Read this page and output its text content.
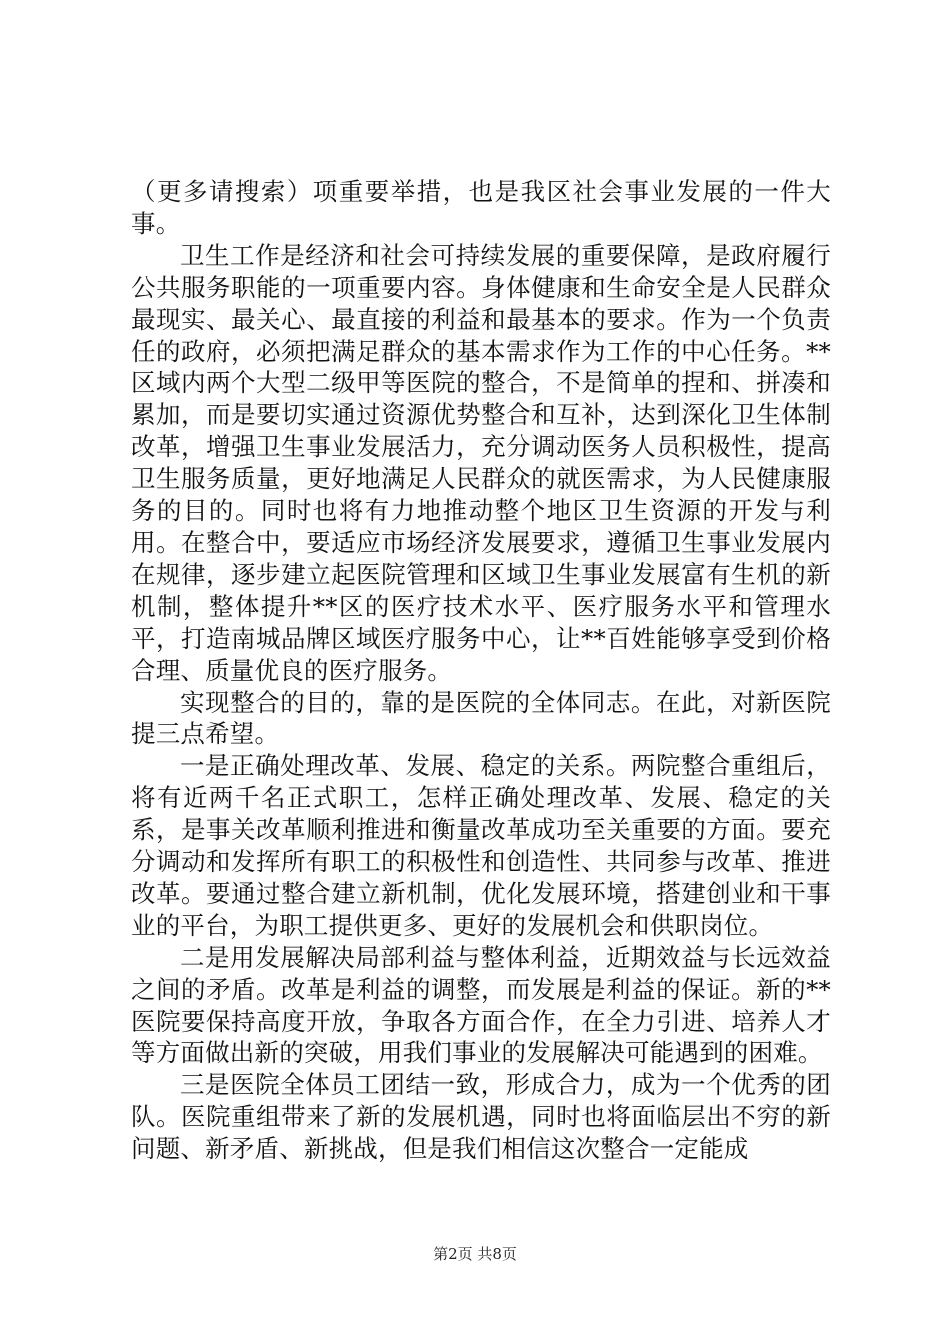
（更多请搜索）项重要举措，也是我区社会事业发展的一件大事。

卫生工作是经济和社会可持续发展的重要保障，是政府履行公共服务职能的一项重要内容。身体健康和生命安全是人民群众最现实、最关心、最直接的利益和最基本的要求。作为一个负责任的政府，必须把满足群众的基本需求作为工作的中心任务。**区域内两个大型二级甲等医院的整合，不是简单的捏和、拼凑和累加，而是要切实通过资源优势整合和互补，达到深化卫生体制改革，增强卫生事业发展活力，充分调动医务人员积极性，提高卫生服务质量，更好地满足人民群众的就医需求，为人民健康服务的目的。同时也将有力地推动整个地区卫生资源的开发与利用。在整合中，要适应市场经济发展要求，遵循卫生事业发展内在规律，逐步建立起医院管理和区域卫生事业发展富有生机的新机制，整体提升**区的医疗技术水平、医疗服务水平和管理水平，打造南城品牌区域医疗服务中心，让**百姓能够享受到价格合理、质量优良的医疗服务。

实现整合的目的，靠的是医院的全体同志。在此，对新医院提三点希望。

一是正确处理改革、发展、稳定的关系。两院整合重组后，将有近两千名正式职工，怎样正确处理改革、发展、稳定的关系，是事关改革顺利推进和衡量改革成功至关重要的方面。要充分调动和发挥所有职工的积极性和创造性、共同参与改革、推进改革。要通过整合建立新机制，优化发展环境，搭建创业和干事业的平台，为职工提供更多、更好的发展机会和供职岗位。

二是用发展解决局部利益与整体利益，近期效益与长远效益之间的矛盾。改革是利益的调整，而发展是利益的保证。新的**医院要保持高度开放，争取各方面合作，在全力引进、培养人才等方面做出新的突破，用我们事业的发展解决可能遇到的困难。

三是医院全体员工团结一致，形成合力，成为一个优秀的团队。医院重组带来了新的发展机遇，同时也将面临层出不穷的新问题、新矛盾、新挑战，但是我们相信这次整合一定能成

第2页 共8页
